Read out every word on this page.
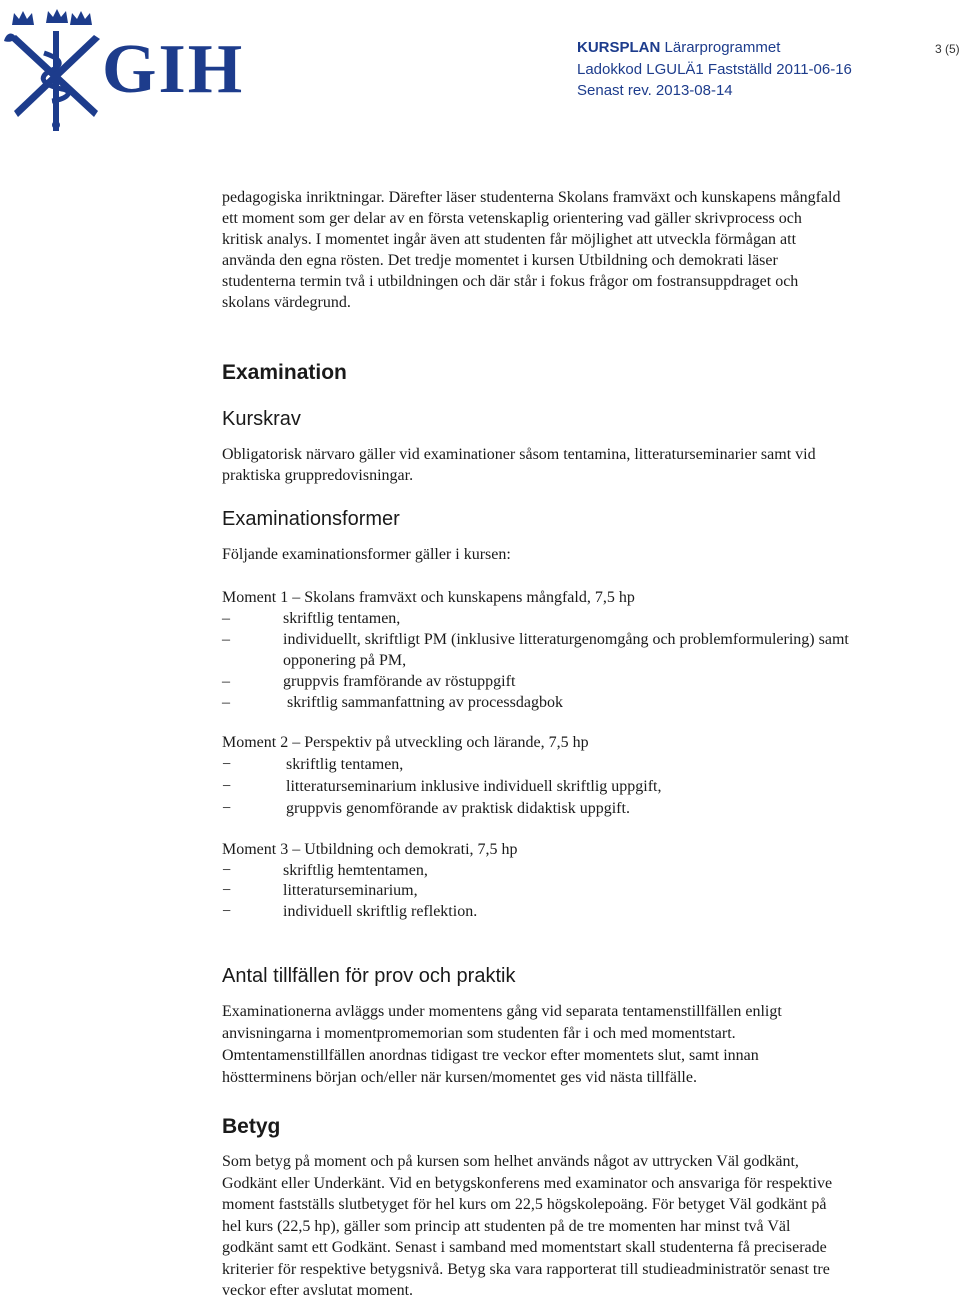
GIH	KURSPLAN Lärarprogrammet
Ladokkod LGULÄ1 Fastställd 2011-06-16
Senast rev. 2013-08-14
3 (5)
pedagogiska inriktningar. Därefter läser studenterna Skolans framväxt och kunskapens mångfald
ett moment som ger delar av en första vetenskaplig orientering vad gäller skrivprocess och
kritisk analys. I momentet ingår även att studenten får möjlighet att utveckla förmågan att
använda den egna rösten. Det tredje momentet i kursen Utbildning och demokrati läser
studenterna termin två i utbildningen och där står i fokus frågor om fostransuppdraget och
skolans värdegrund.
Examination
Kurskrav
Obligatorisk närvaro gäller vid examinationer såsom tentamina, litteraturseminarier samt vid
praktiska gruppredovisningar.
Examinationsformer
Följande examinationsformer gäller i kursen:
Moment 1 – Skolans framväxt och kunskapens mångfald, 7,5 hp
–	skriftlig tentamen,
–	individuellt, skriftligt PM (inklusive litteraturgenomgång och problemformulering) samt
opponering på PM,
–	gruppvis framförande av röstuppgift
–	skriftlig sammanfattning av processdagbok
Moment 2 – Perspektiv på utveckling och lärande, 7,5 hp
−	skriftlig tentamen,
−	litteraturseminarium inklusive individuell skriftlig uppgift,
−	gruppvis genomförande av praktisk didaktisk uppgift.
Moment 3 – Utbildning och demokrati, 7,5 hp
−	skriftlig hemtentamen,
−	litteraturseminarium,
−	individuell skriftlig reflektion.
Antal tillfällen för prov och praktik
Examinationerna avläggs under momentens gång vid separata tentamenstillfällen enligt
anvisningarna i momentpromemorian som studenten får i och med momentstart.
Omtentamenstillfällen anordnas tidigast tre veckor efter momentets slut, samt innan
höstterminens början och/eller när kursen/momentet ges vid nästa tillfälle.
Betyg
Som betyg på moment och på kursen som helhet används något av uttrycken Väl godkänt,
Godkänt eller Underkänt. Vid en betygskonferens med examinator och ansvariga för respektive
moment fastställs slutbetyget för hel kurs om 22,5 högskolepoäng. För betyget Väl godkänt på
hel kurs (22,5 hp), gäller som princip att studenten på de tre momenten har minst två Väl
godkänt samt ett Godkänt. Senast i samband med momentstart skall studenterna få preciserade
kriterier för respektive betygsnivå. Betyg ska vara rapporterat till studieadministratör senast tre
veckor efter avslutat moment.
